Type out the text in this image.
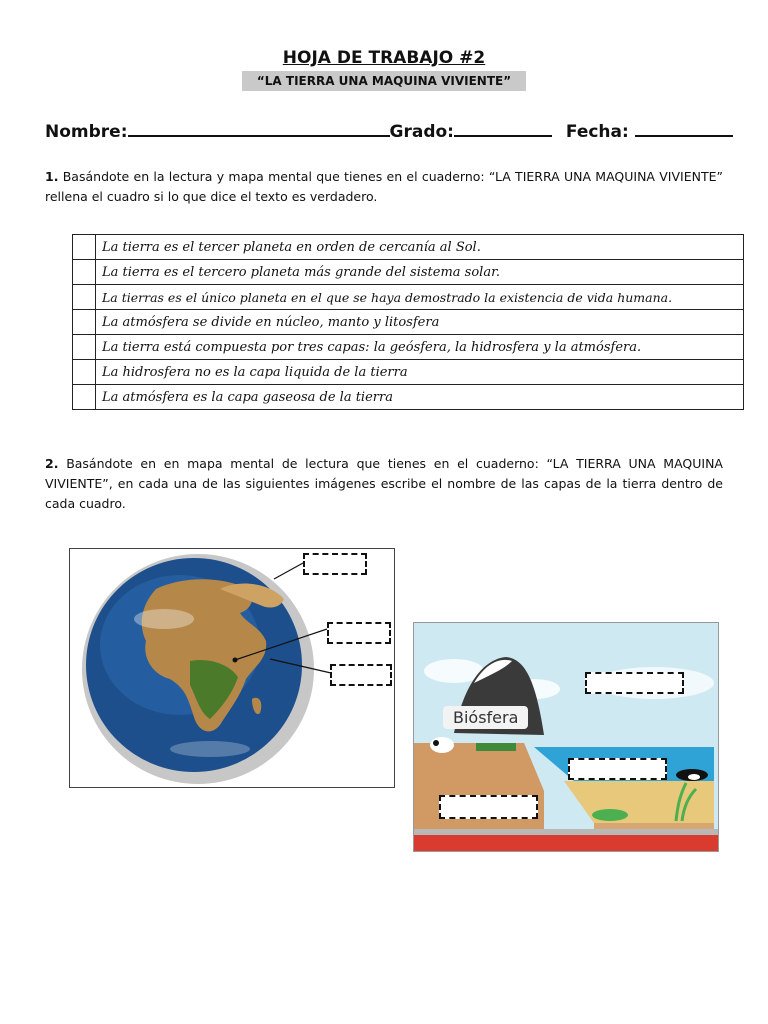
HOJA DE TRABAJO #2
“LA TIERRA UNA MAQUINA VIVIENTE”
Nombre:	Grado:	Fecha:
1. Basándote en la lectura y mapa mental que tienes en el cuaderno: “LA TIERRA UNA MAQUINA VIVIENTE” rellena el cuadro si lo que dice el texto es verdadero.
	La tierra es el tercer planeta en orden de cercanía al Sol.
	La tierra es el tercero planeta más grande del sistema solar.
	La tierras es el único planeta en el que se haya demostrado la existencia de vida humana.
	La atmósfera se divide en núcleo, manto y litosfera
	La tierra está compuesta por tres capas: la geósfera, la hidrosfera y la atmósfera.
	La hidrosfera no es la capa liquida de la tierra
	La atmósfera es la capa gaseosa de la tierra
2. Basándote en en mapa mental de lectura que tienes en el cuaderno: “LA TIERRA UNA MAQUINA VIVIENTE”, en cada una de las siguientes imágenes escribe el nombre de las capas de la tierra dentro de cada cuadro.
Biósfera
